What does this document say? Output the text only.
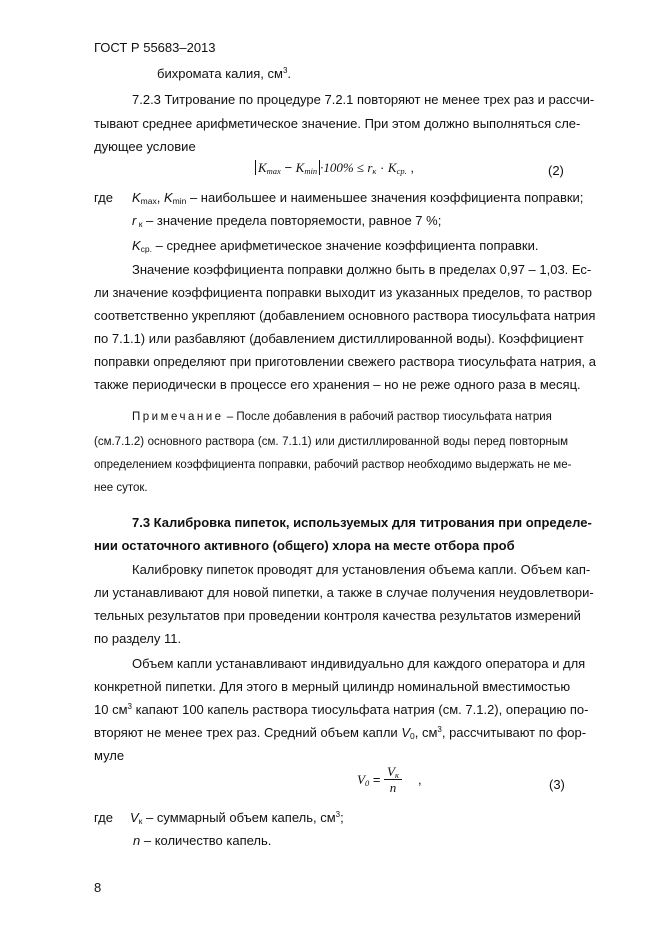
ГОСТ Р 55683–2013
бихромата калия, $см^3$.
7.2.3 Титрование по процедуре 7.2.1 повторяют не менее трех раз и рассчи-
тывают среднее арифметическое значение. При этом должно выполняться сле-
дующее условие
$K_{max} - K_{min} \cdot 100\% \le r_к \cdot K_{ср.}$ ,	(2)
где $K_{max}$, $K_{min}$ – наибольшее и наименьшее значения коэффициента поправки;
r $_к$ – значение предела повторяемости, равное 7 %;
$K_{ср.}$ – среднее арифметическое значение коэффициента поправки.
Значение коэффициента поправки должно быть в пределах 0,97 – 1,03. Ес-
ли значение коэффициента поправки выходит из указанных пределов, то раствор
соответственно укрепляют (добавлением основного раствора тиосульфата натрия
по 7.1.1) или разбавляют (добавлением дистиллированной воды). Коэффициент
поправки определяют при приготовлении свежего раствора тиосульфата натрия, а
также периодически в процессе его хранения – но не реже одного раза в месяц.
Примечание – После добавления в рабочий раствор тиосульфата натрия
(см.7.1.2) основного раствора (см. 7.1.1) или дистиллированной воды перед повторным
определением коэффициента поправки, рабочий раствор необходимо выдержать не ме-
нее суток.
7.3 Калибровка пипеток, используемых для титрования при определе-
нии остаточного активного (общего) хлора на месте отбора проб
Калибровку пипеток проводят для установления объема капли. Объем кап-
ли устанавливают для новой пипетки, а также в случае получения неудовлетвори-
тельных результатов при проведении контроля качества результатов измерений
по разделу 11.
Объем капли устанавливают индивидуально для каждого оператора и для
конкретной пипетки. Для этого в мерный цилиндр номинальной вместимостью
10 $см^3$ капают 100 капель раствора тиосульфата натрия (см. 7.1.2), операцию по-
вторяют не менее трех раз. Средний объем капли $V_0$, $см^3$, рассчитывают по фор-
муле
$V_0 = \frac{V_к}{n}$ ,	(3)
где $V_к$ – суммарный объем капель, $см^3$;
n – количество капель.
8
